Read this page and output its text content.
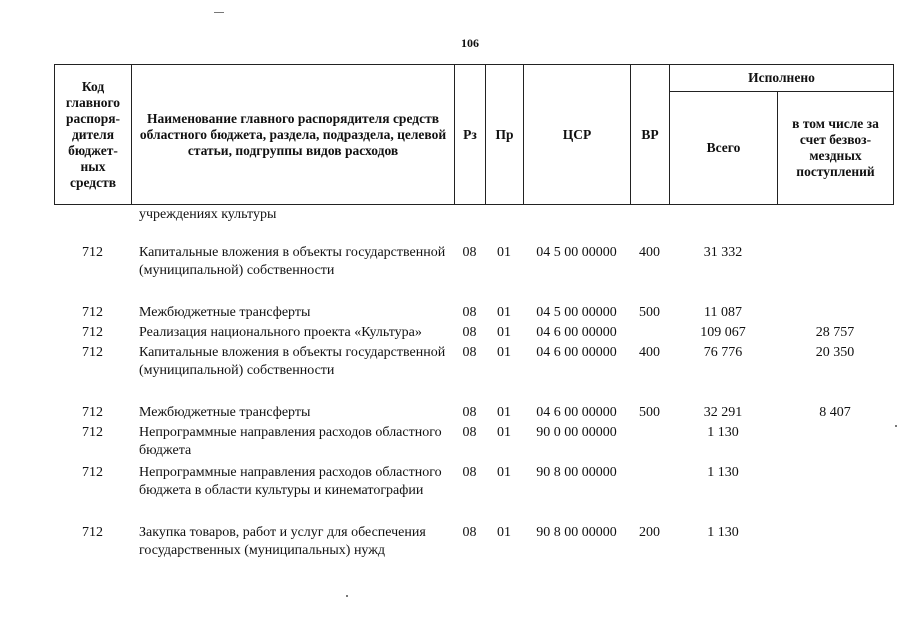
106
Код главного распоря-дителя бюджет-ных средств	Наименование главного распорядителя средств областного бюджета, раздела, подраздела, целевой статьи, подгруппы видов расходов	Рз	Пр	ЦСР	ВР	Исполнено	
						Всего	в том числе за счет безвоз-мездных поступлений
	учреждениях культуры						

712	Капитальные вложения в объекты государственной (муниципальной) собственности	08	01	04 5 00 00000	400	31 332	

712	Межбюджетные трансферты	08	01	04 5 00 00000	500	11 087	
712	Реализация национального проекта «Культура»	08	01	04 6 00 00000		109 067	28 757
712	Капитальные вложения в объекты государственной (муниципальной) собственности	08	01	04 6 00 00000	400	76 776	20 350

712	Межбюджетные трансферты	08	01	04 6 00 00000	500	32 291	8 407
712	Непрограммные направления расходов областного бюджета	08	01	90 0 00 00000		1 130	

712	Непрограммные направления расходов областного бюджета в области культуры и кинематографии	08	01	90 8 00 00000		1 130	

712	Закупка товаров, работ и услуг для обеспечения государственных (муниципальных) нужд	08	01	90 8 00 00000	200	1 130	
